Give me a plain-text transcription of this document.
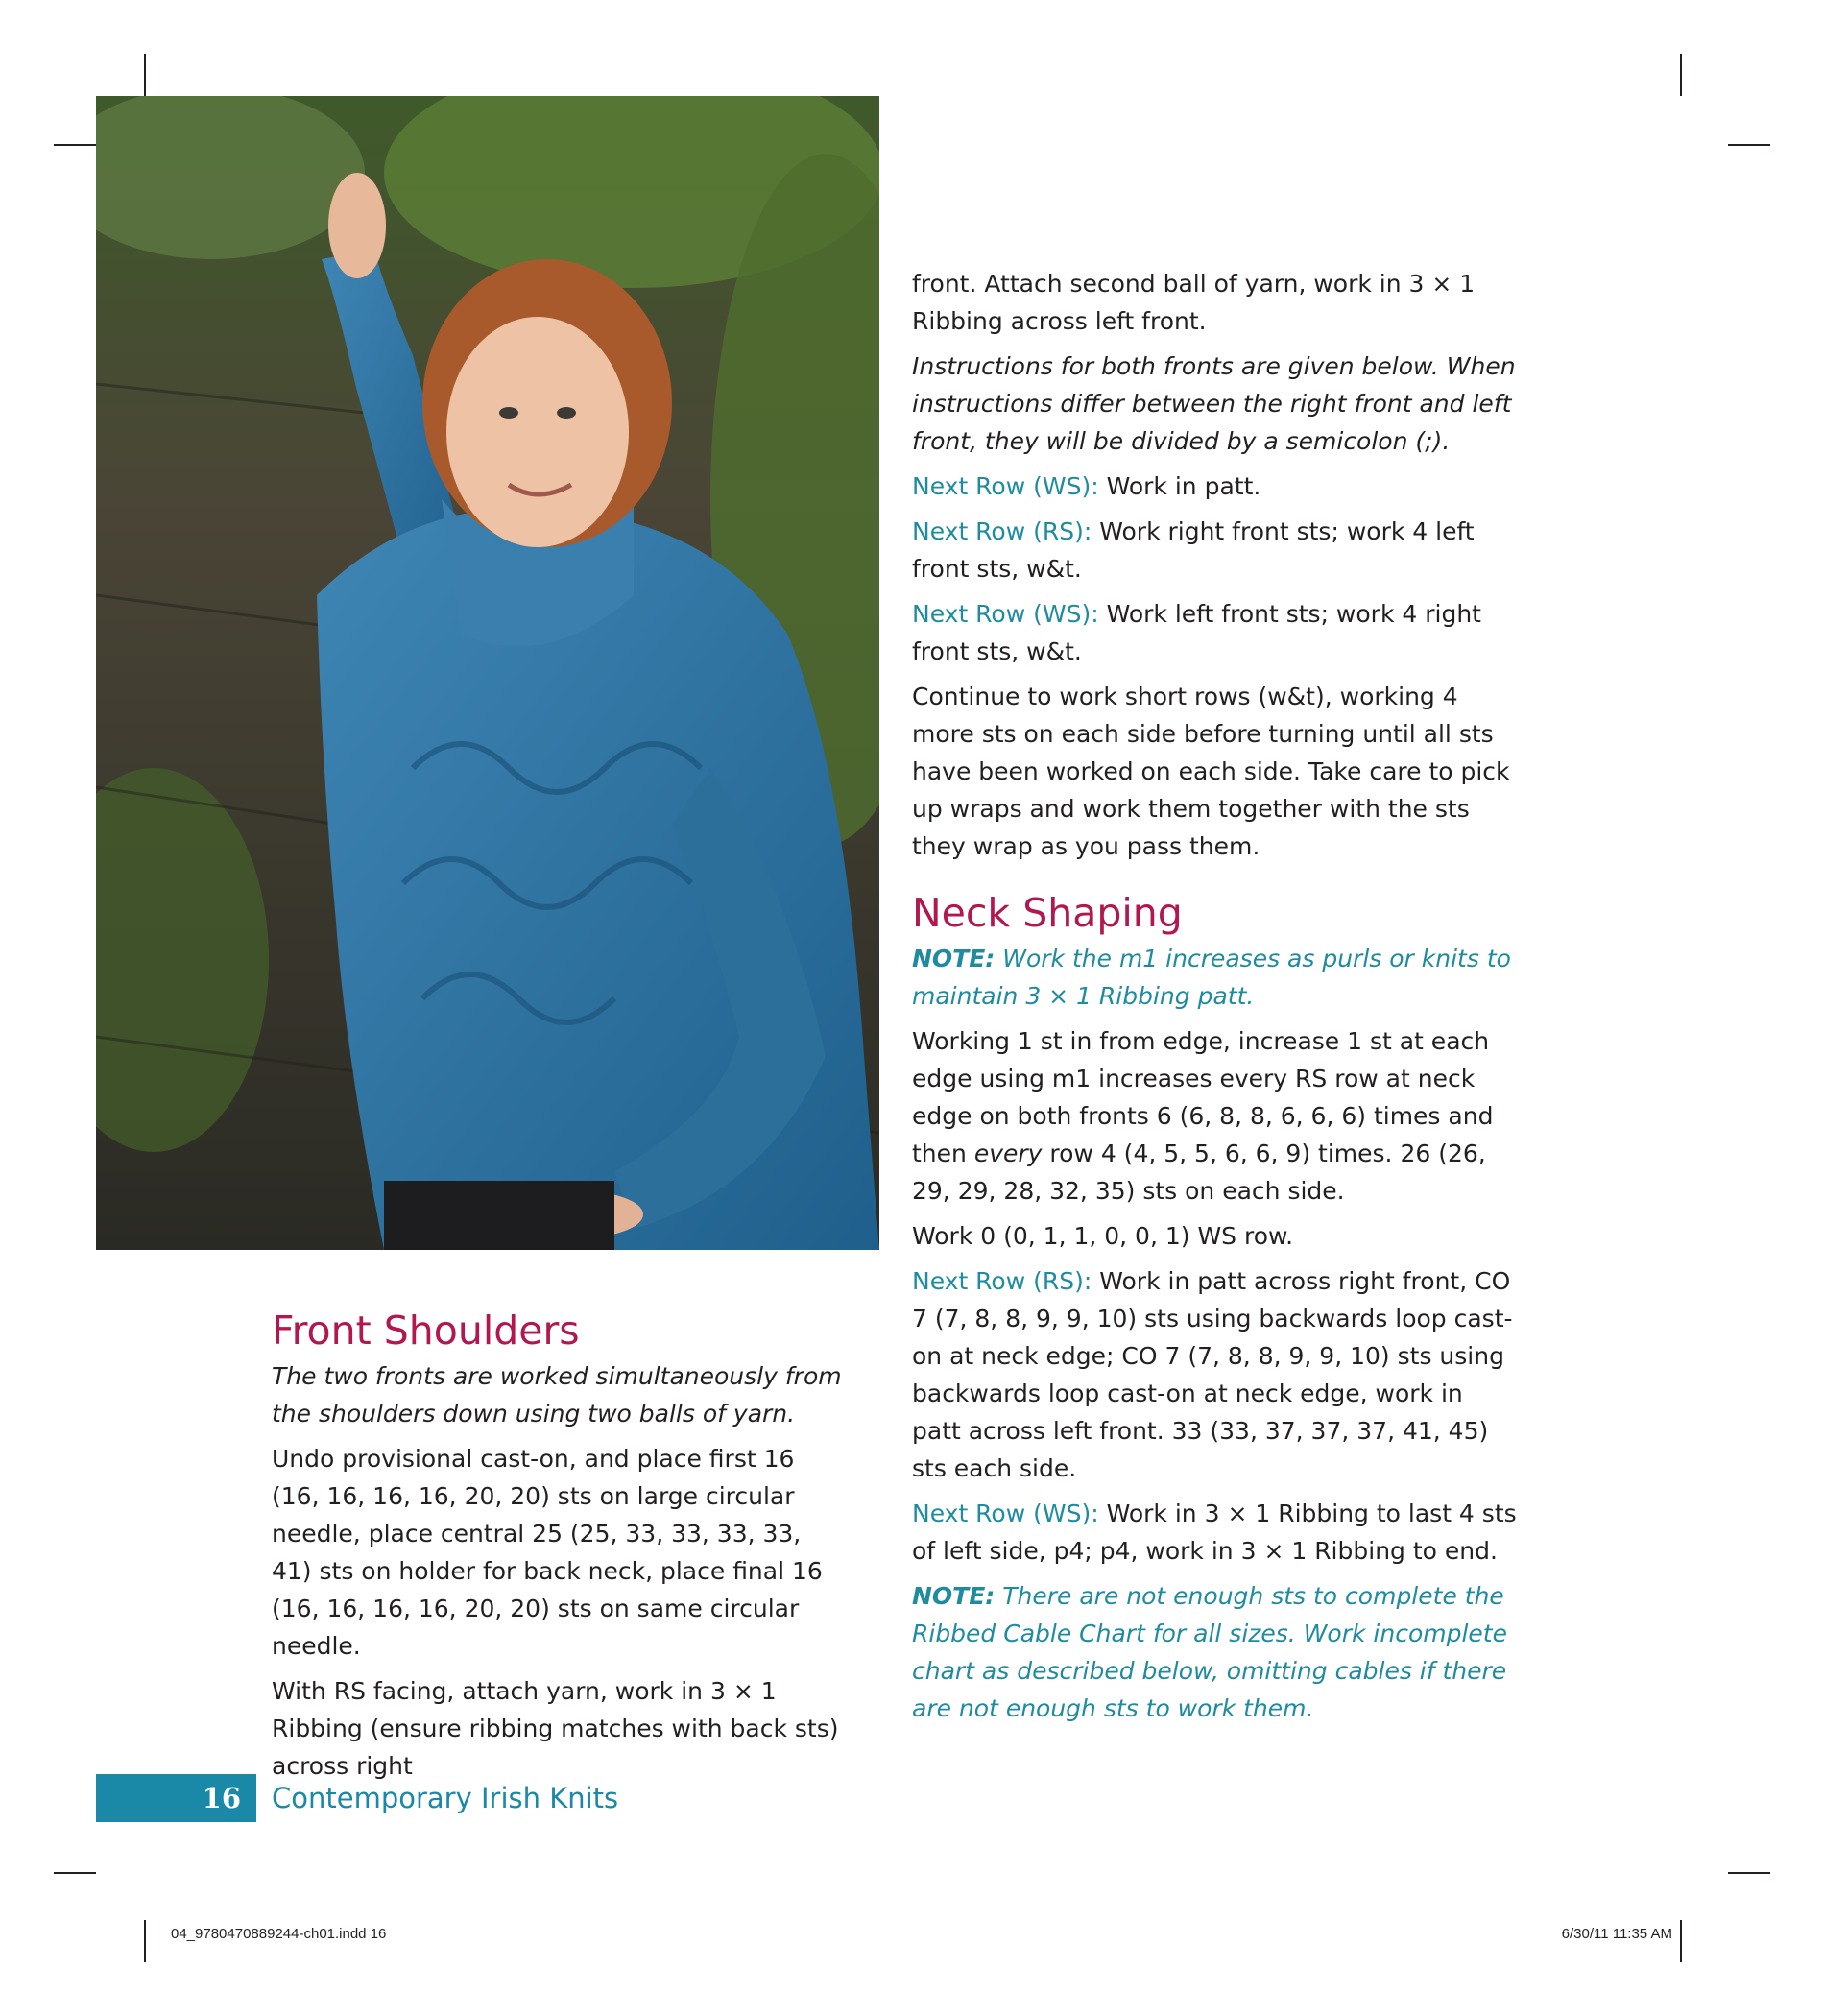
Front Shoulders

The two fronts are worked simultaneously from the shoulders down using two balls of yarn.

Undo provisional cast-on, and place first 16 (16, 16, 16, 16, 20, 20) sts on large circular needle, place central 25 (25, 33, 33, 33, 33, 41) sts on holder for back neck, place final 16 (16, 16, 16, 16, 20, 20) sts on same circular needle.

With RS facing, attach yarn, work in 3 × 1 Ribbing (ensure ribbing matches with back sts) across right

front. Attach second ball of yarn, work in 3 × 1 Ribbing across left front.

Instructions for both fronts are given below. When instructions differ between the right front and left front, they will be divided by a semicolon (;).

Next Row (WS): Work in patt.

Next Row (RS): Work right front sts; work 4 left front sts, w&t.

Next Row (WS): Work left front sts; work 4 right front sts, w&t.

Continue to work short rows (w&t), working 4 more sts on each side before turning until all sts have been worked on each side. Take care to pick up wraps and work them together with the sts they wrap as you pass them.

Neck Shaping

NOTE: Work the m1 increases as purls or knits to maintain 3 × 1 Ribbing patt.

Working 1 st in from edge, increase 1 st at each edge using m1 increases every RS row at neck edge on both fronts 6 (6, 8, 8, 6, 6, 6) times and then every row 4 (4, 5, 5, 6, 6, 9) times. 26 (26, 29, 29, 28, 32, 35) sts on each side.

Work 0 (0, 1, 1, 0, 0, 1) WS row.

Next Row (RS): Work in patt across right front, CO 7 (7, 8, 8, 9, 9, 10) sts using backwards loop cast-on at neck edge; CO 7 (7, 8, 8, 9, 9, 10) sts using backwards loop cast-on at neck edge, work in patt across left front. 33 (33, 37, 37, 37, 41, 45) sts each side.

Next Row (WS): Work in 3 × 1 Ribbing to last 4 sts of left side, p4; p4, work in 3 × 1 Ribbing to end.

NOTE: There are not enough sts to complete the Ribbed Cable Chart for all sizes. Work incomplete chart as described below, omitting cables if there are not enough sts to work them.

16	Contemporary Irish Knits
04_9780470889244-ch01.indd 16	6/30/11 11:35 AM
